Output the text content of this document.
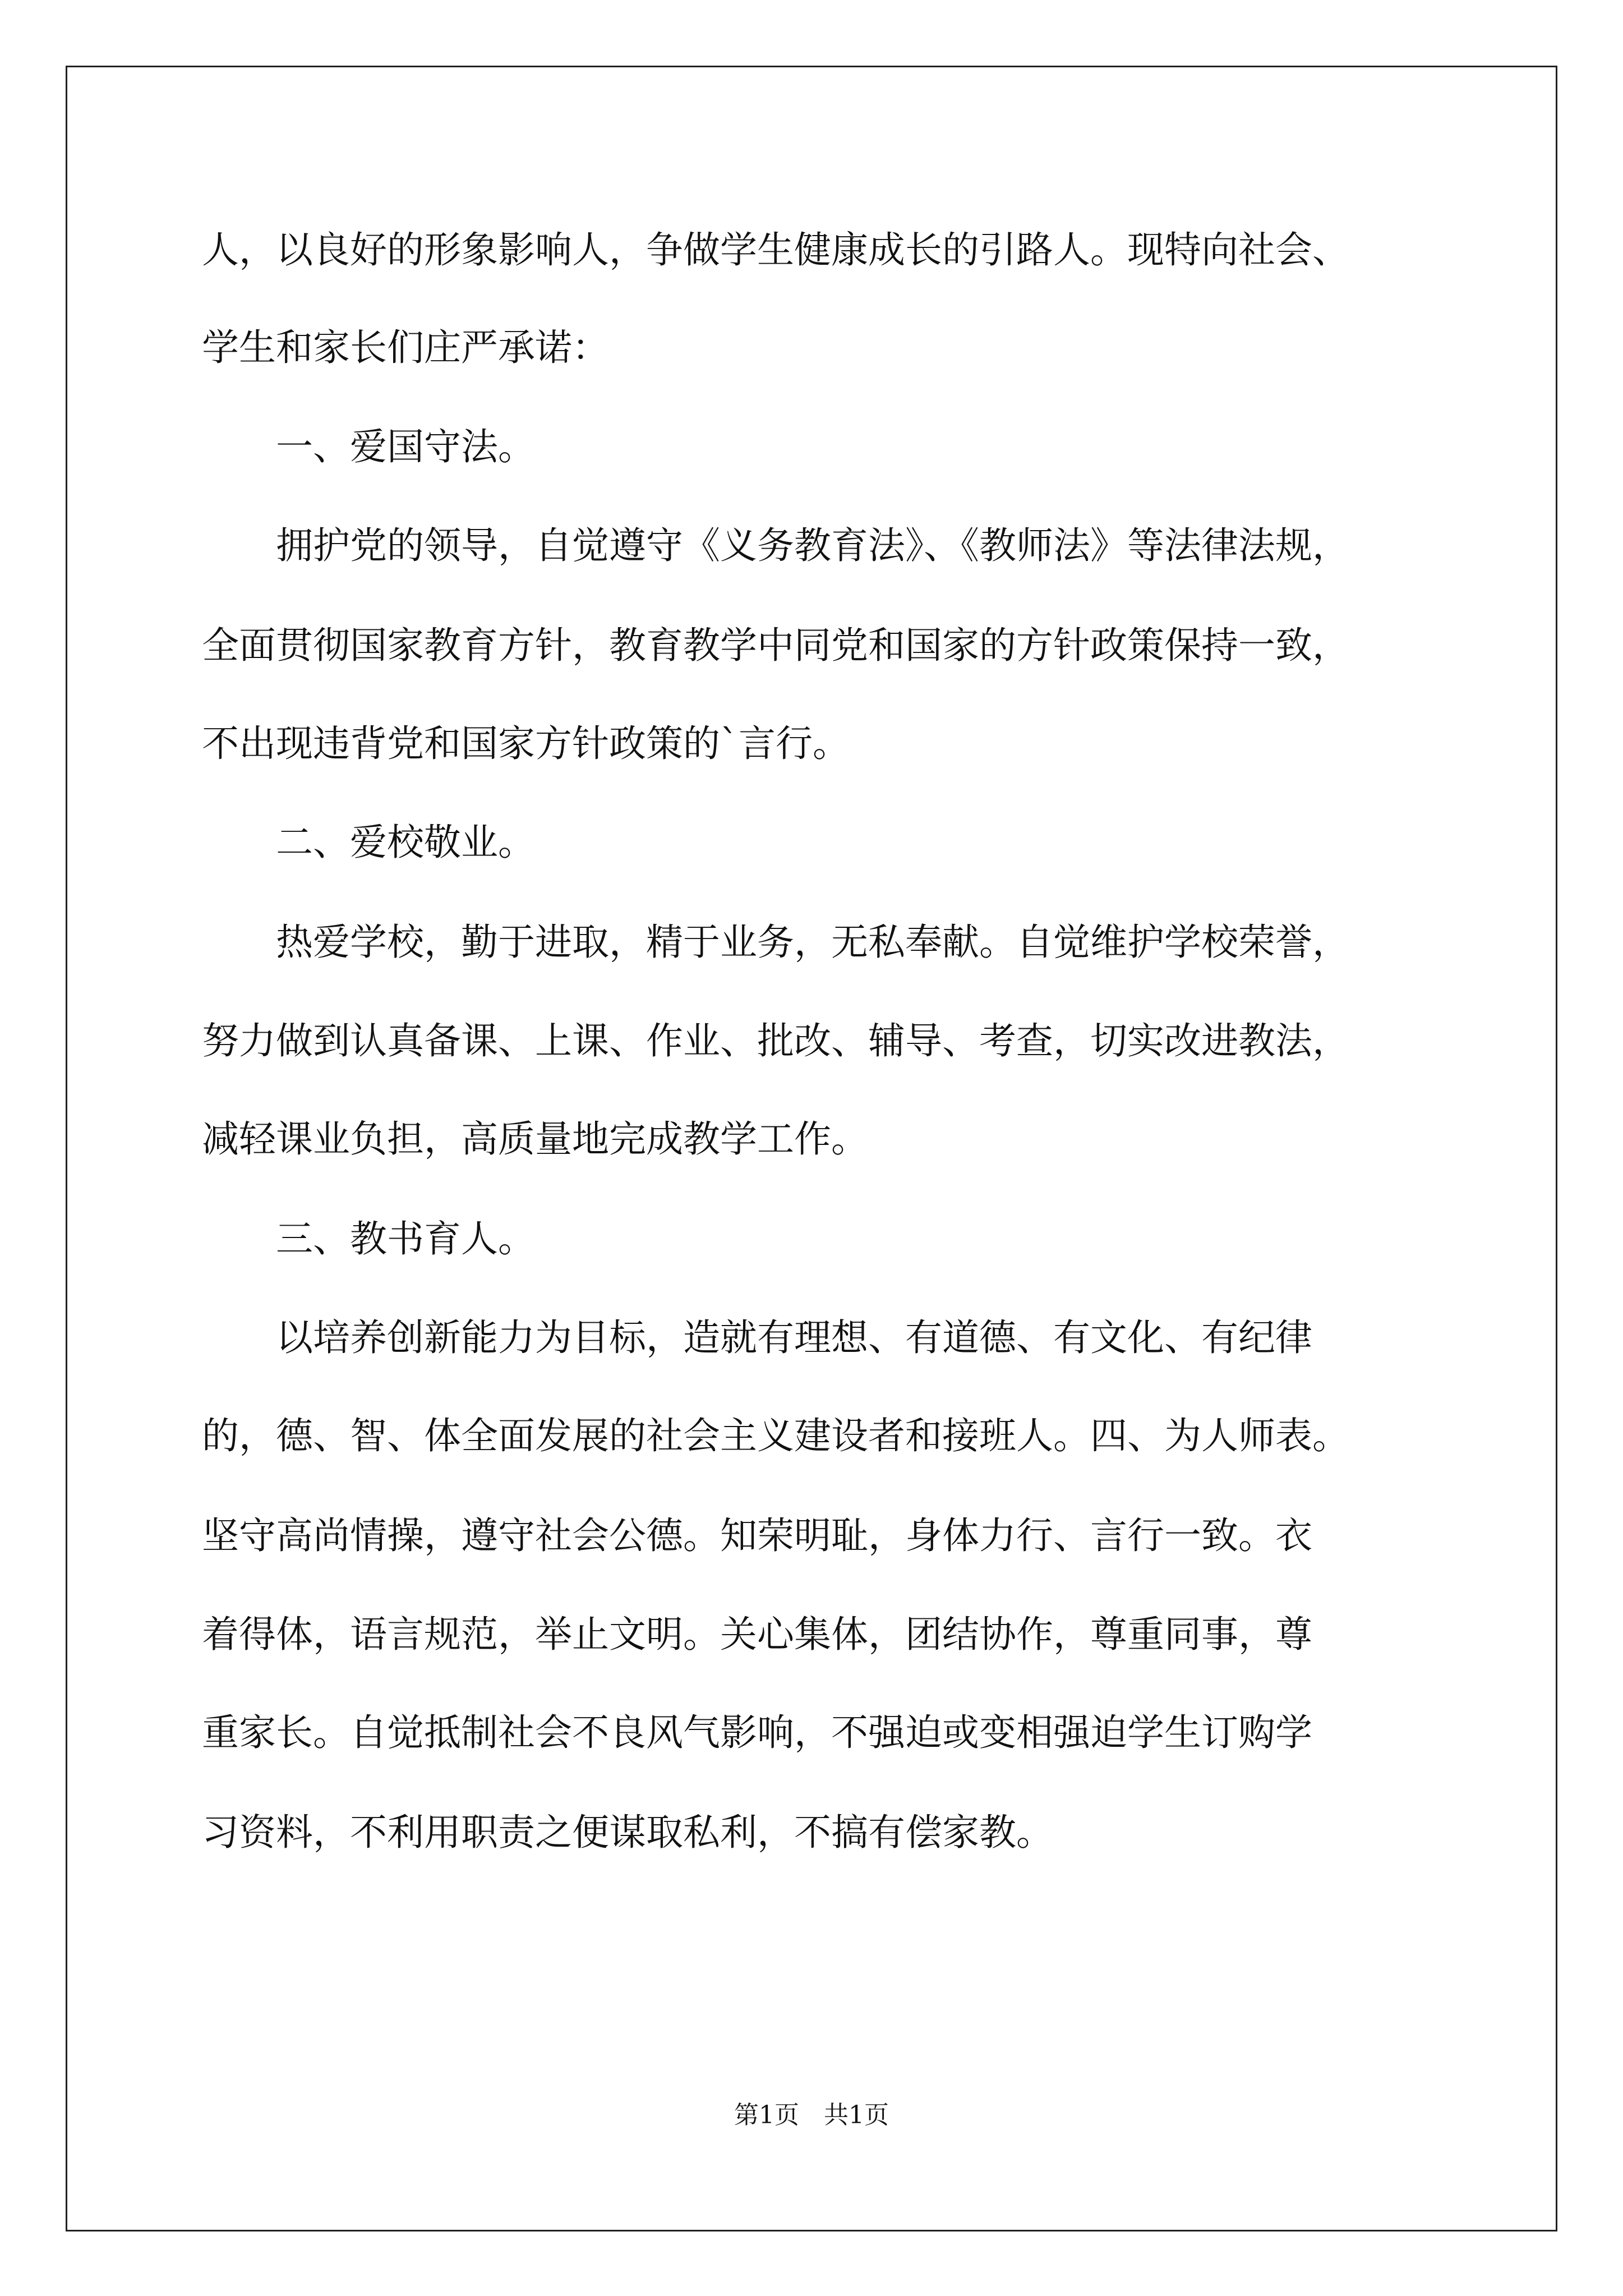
人，以良好的形象影响人，争做学生健康成长的引路人。现特向社会、
学生和家长们庄严承诺：
　　一、爱国守法。
　　拥护党的领导，自觉遵守《义务教育法》、《教师法》等法律法规，
全面贯彻国家教育方针，教育教学中同党和国家的方针政策保持一致，
不出现违背党和国家方针政策的`言行。
　　二、爱校敬业。
　　热爱学校，勤于进取，精于业务，无私奉献。自觉维护学校荣誉，
努力做到认真备课、上课、作业、批改、辅导、考查，切实改进教法，
减轻课业负担，高质量地完成教学工作。
　　三、教书育人。
　　以培养创新能力为目标，造就有理想、有道德、有文化、有纪律
的，德、智、体全面发展的社会主义建设者和接班人。四、为人师表。
坚守高尚情操，遵守社会公德。知荣明耻，身体力行、言行一致。衣
着得体，语言规范，举止文明。关心集体，团结协作，尊重同事，尊
重家长。自觉抵制社会不良风气影响，不强迫或变相强迫学生订购学
习资料，不利用职责之便谋取私利，不搞有偿家教。
第1页　共1页
